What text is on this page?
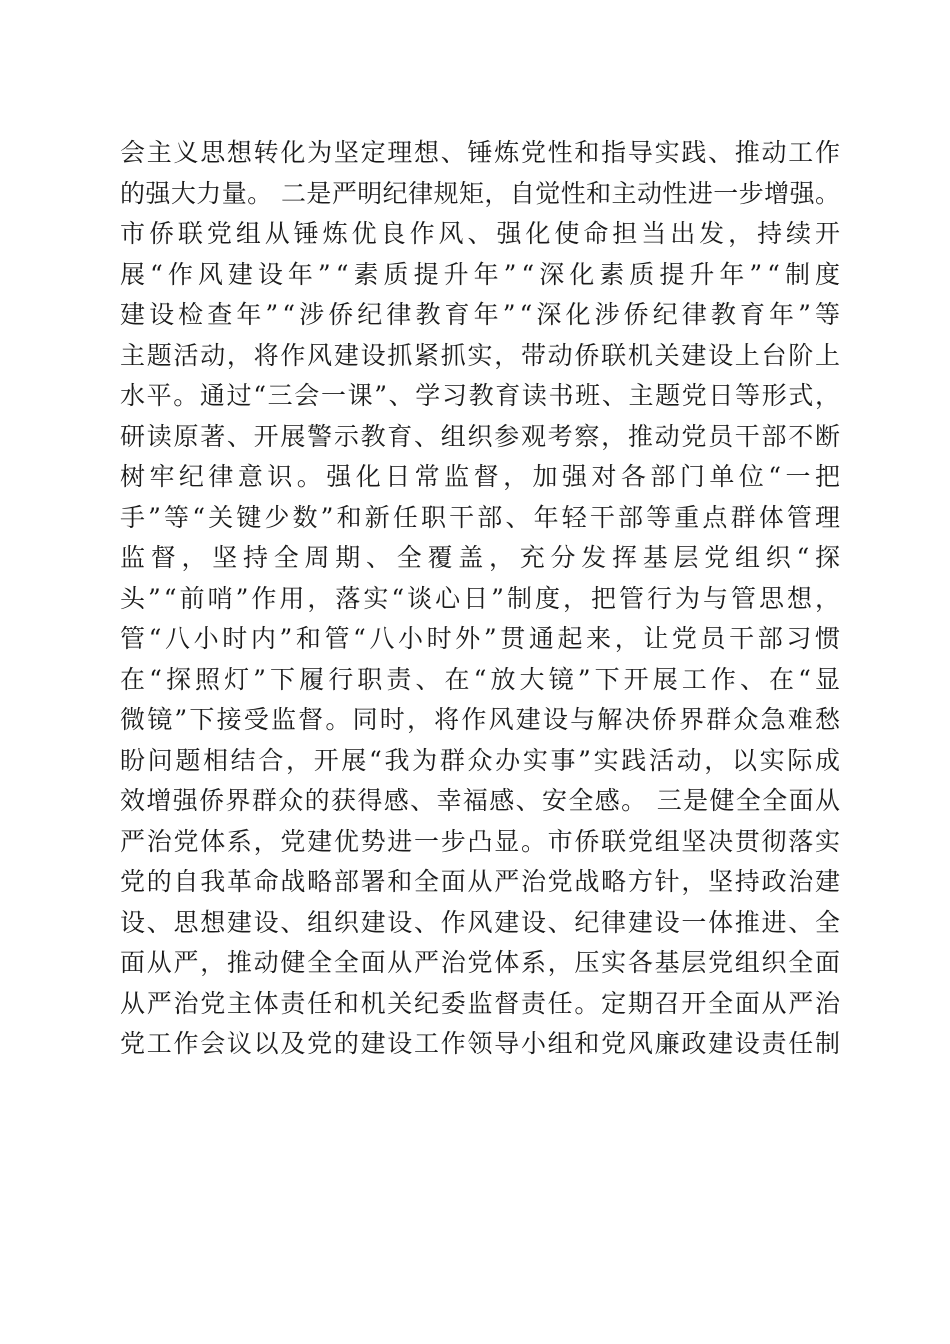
会主义思想转化为坚定理想、锤炼党性和指导实践、推动工作
的强大力量。 二是严明纪律规矩，自觉性和主动性进一步增强。
市侨联党组从锤炼优良作风、强化使命担当出发，持续开
展“作风建设年”“素质提升年”“深化素质提升年”“制度
建设检查年”“涉侨纪律教育年”“深化涉侨纪律教育年”等
主题活动，将作风建设抓紧抓实，带动侨联机关建设上台阶上
水平。通过“三会一课”、学习教育读书班、主题党日等形式，
研读原著、开展警示教育、组织参观考察，推动党员干部不断
树牢纪律意识。强化日常监督，加强对各部门单位“一把
手”等“关键少数”和新任职干部、年轻干部等重点群体管理
监督，坚持全周期、全覆盖，充分发挥基层党组织“探
头”“前哨”作用，落实“谈心日”制度，把管行为与管思想，
管“八小时内”和管“八小时外”贯通起来，让党员干部习惯
在“探照灯”下履行职责、在“放大镜”下开展工作、在“显
微镜”下接受监督。同时，将作风建设与解决侨界群众急难愁
盼问题相结合，开展“我为群众办实事”实践活动，以实际成
效增强侨界群众的获得感、幸福感、安全感。 三是健全全面从
严治党体系，党建优势进一步凸显。市侨联党组坚决贯彻落实
党的自我革命战略部署和全面从严治党战略方针，坚持政治建
设、思想建设、组织建设、作风建设、纪律建设一体推进、全
面从严，推动健全全面从严治党体系，压实各基层党组织全面
从严治党主体责任和机关纪委监督责任。定期召开全面从严治
党工作会议以及党的建设工作领导小组和党风廉政建设责任制
